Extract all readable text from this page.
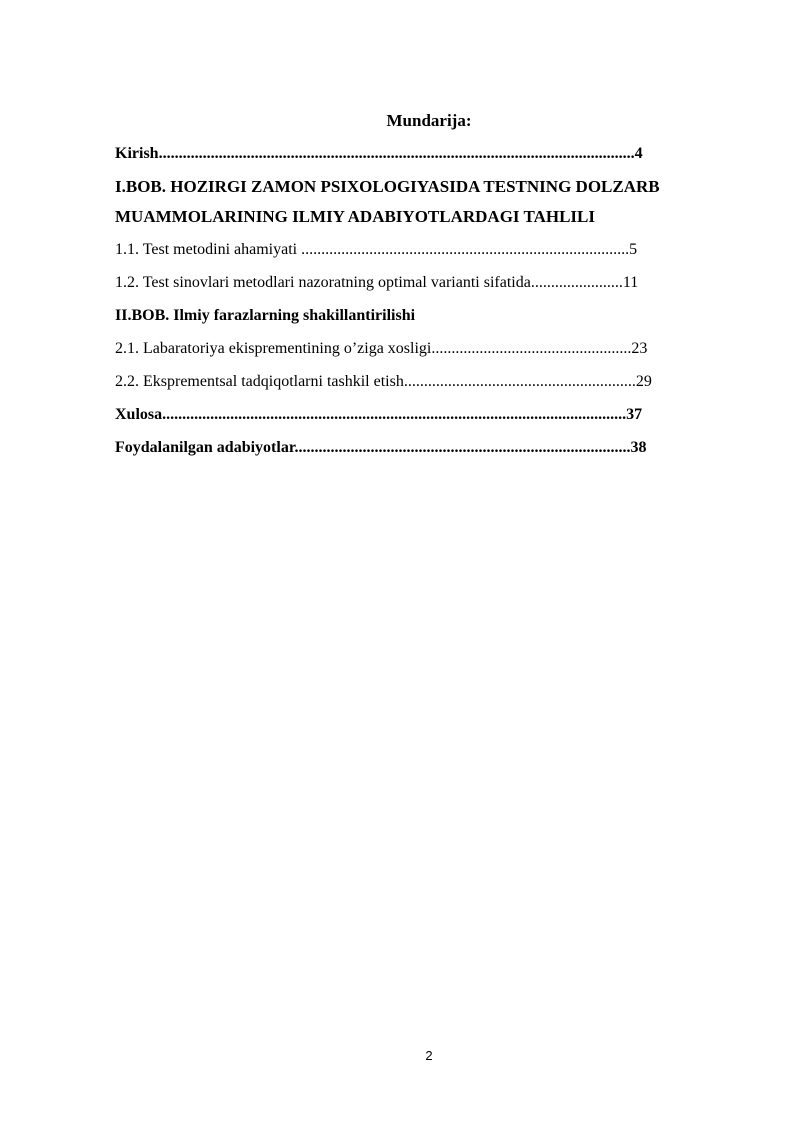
Mundarija:
Kirish.......................................................................................................................4
I.BOB. HOZIRGI ZAMON PSIXOLOGIYASIDA TESTNING DOLZARB
MUAMMOLARINING ILMIY ADABIYOTLARDAGI TAHLILI
1.1. Test metodini ahamiyati ..................................................................................5
1.2. Test sinovlari metodlari nazoratning optimal varianti sifatida.......................11
II.BOB. Ilmiy farazlarning shakillantirilishi
2.1. Labaratoriya ekisprementining o’ziga xosligi..................................................23
2.2. Eksprementsal tadqiqotlarni tashkil etish..........................................................29
Xulosa....................................................................................................................37
Foydalanilgan adabiyotlar....................................................................................38
2
